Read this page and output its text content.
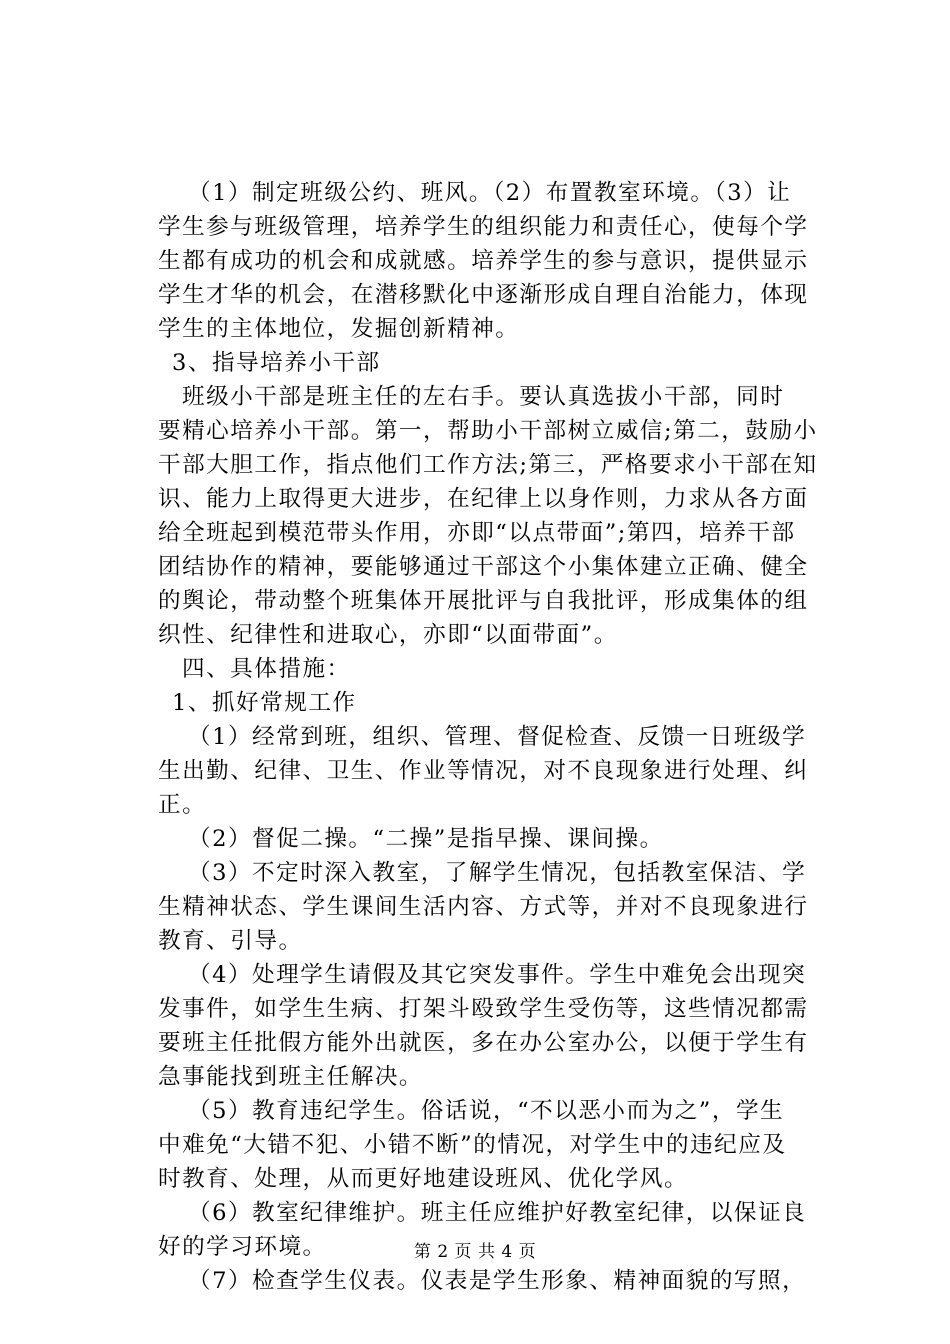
（1）制定班级公约、班风。（2）布置教室环境。（3）让
学生参与班级管理，培养学生的组织能力和责任心，使每个学
生都有成功的机会和成就感。培养学生的参与意识，提供显示
学生才华的机会，在潜移默化中逐渐形成自理自治能力，体现
学生的主体地位，发掘创新精神。
3、指导培养小干部
班级小干部是班主任的左右手。要认真选拔小干部，同时
要精心培养小干部。第一，帮助小干部树立威信;第二，鼓励小
干部大胆工作，指点他们工作方法;第三，严格要求小干部在知
识、能力上取得更大进步，在纪律上以身作则，力求从各方面
给全班起到模范带头作用，亦即“以点带面”;第四，培养干部
团结协作的精神，要能够通过干部这个小集体建立正确、健全
的舆论，带动整个班集体开展批评与自我批评，形成集体的组
织性、纪律性和进取心，亦即“以面带面”。
四、具体措施：
1、抓好常规工作
（1）经常到班，组织、管理、督促检查、反馈一日班级学
生出勤、纪律、卫生、作业等情况，对不良现象进行处理、纠
正。
（2）督促二操。“二操”是指早操、课间操。
（3）不定时深入教室，了解学生情况，包括教室保洁、学
生精神状态、学生课间生活内容、方式等，并对不良现象进行
教育、引导。
（4）处理学生请假及其它突发事件。学生中难免会出现突
发事件，如学生生病、打架斗殴致学生受伤等，这些情况都需
要班主任批假方能外出就医，多在办公室办公，以便于学生有
急事能找到班主任解决。
（5）教育违纪学生。俗话说，“不以恶小而为之”，学生
中难免“大错不犯、小错不断”的情况，对学生中的违纪应及
时教育、处理，从而更好地建设班风、优化学风。
（6）教室纪律维护。班主任应维护好教室纪律，以保证良
好的学习环境。
（7）检查学生仪表。仪表是学生形象、精神面貌的写照，
第 2 页 共 4 页
